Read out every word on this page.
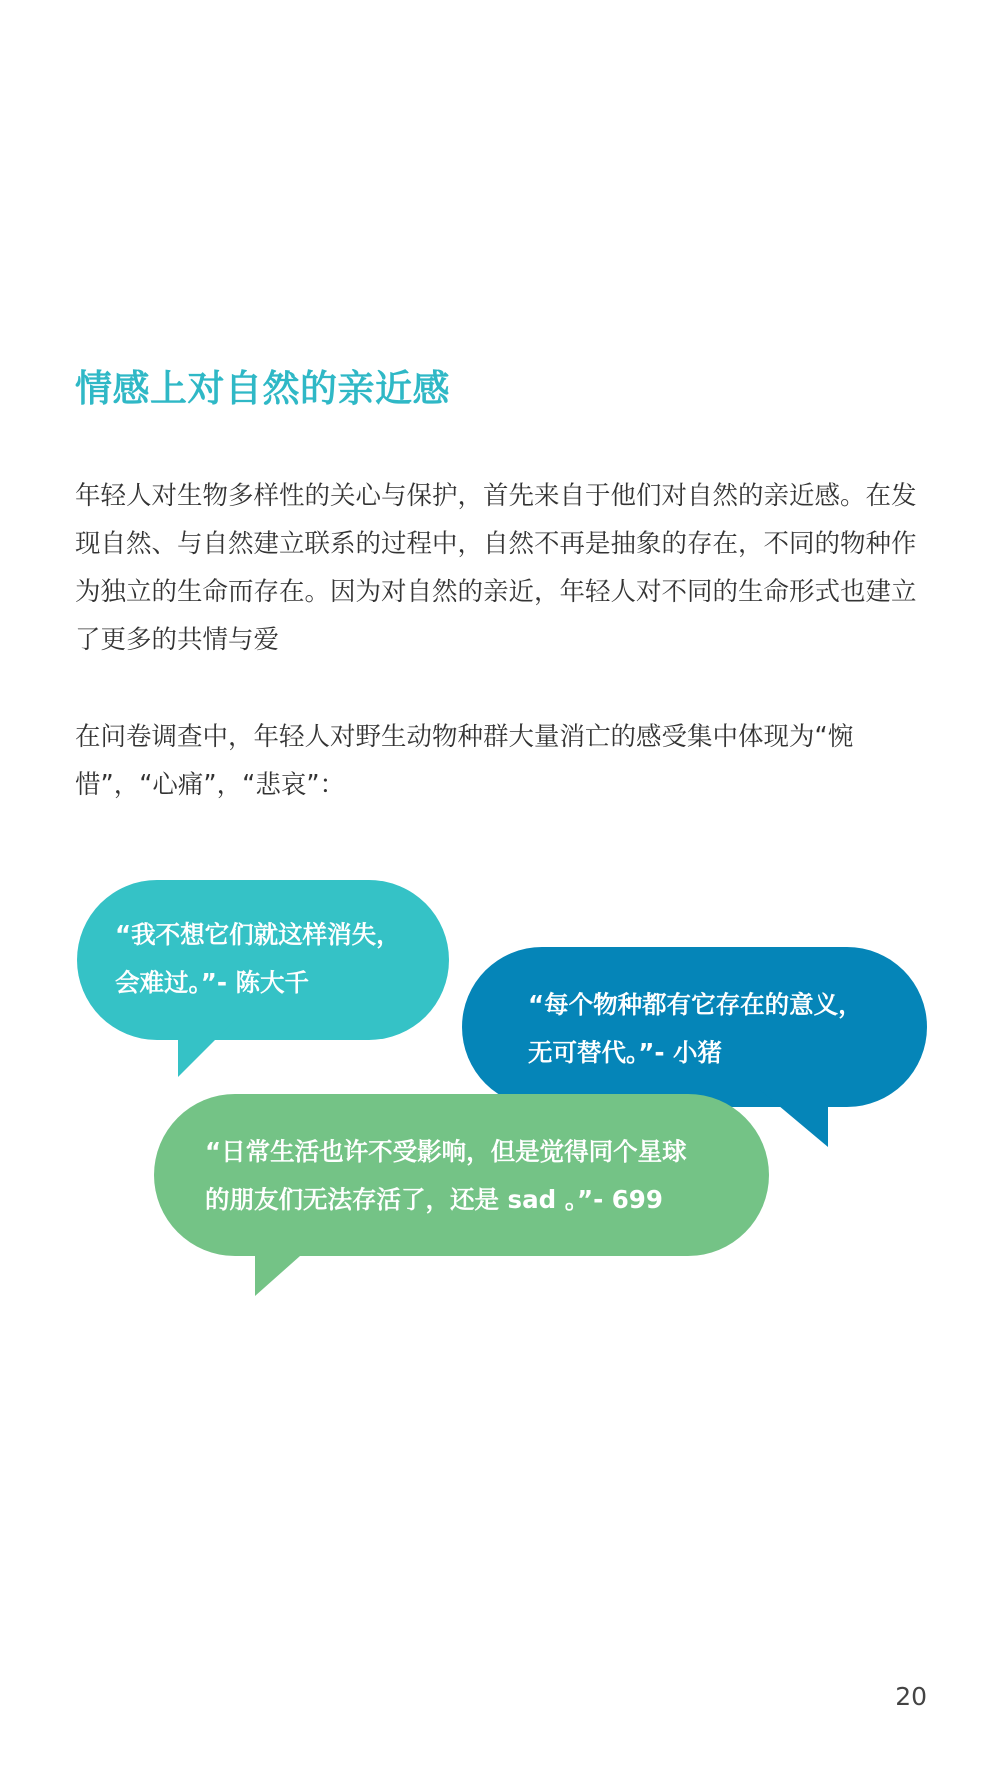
情感上对自然的亲近感

年轻人对生物多样性的关心与保护，首先来自于他们对自然的亲近感。在发现自然、与自然建立联系的过程中，自然不再是抽象的存在，不同的物种作为独立的生命而存在。因为对自然的亲近，年轻人对不同的生命形式也建立了更多的共情与爱

在问卷调查中，年轻人对野生动物种群大量消亡的感受集中体现为“惋惜”，“心痛”，“悲哀”：

“我不想它们就这样消失，
会难过。”- 陈大千
“每个物种都有它存在的意义，
无可替代。”- 小猪
“日常生活也许不受影响，但是觉得同个星球
的朋友们无法存活了，还是 sad 。”- 699
20
